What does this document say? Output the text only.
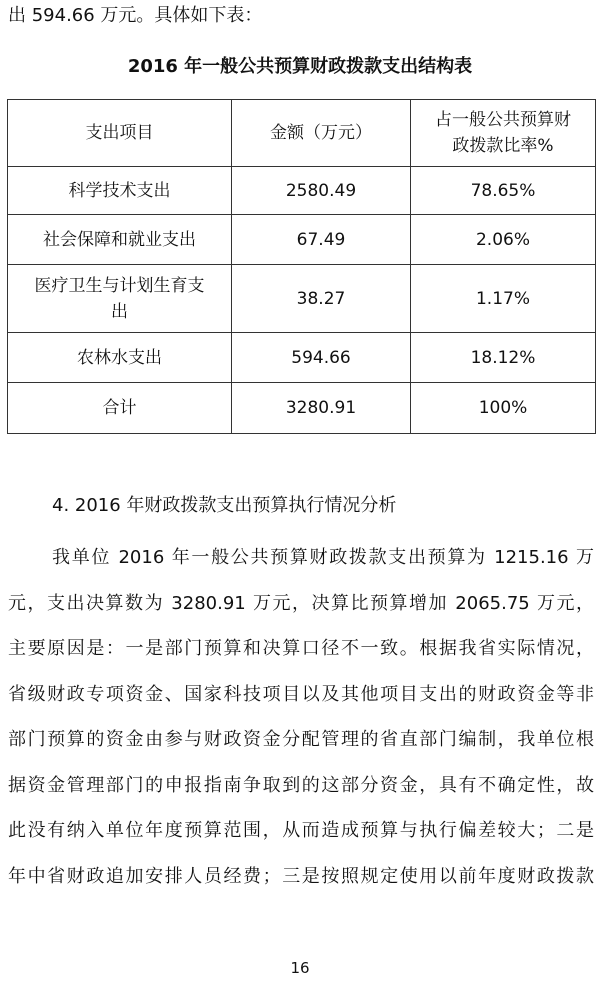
出 594.66 万元。具体如下表：
2016 年一般公共预算财政拨款支出结构表
支出项目	金额（万元）	占一般公共预算财政拨款比率%
科学技术支出	2580.49	78.65%
社会保障和就业支出	67.49	2.06%
医疗卫生与计划生育支出	38.27	1.17%
农林水支出	594.66	18.12%
合计	3280.91	100%
4. 2016 年财政拨款支出预算执行情况分析
我单位 2016 年一般公共预算财政拨款支出预算为 1215.16 万
元，支出决算数为 3280.91 万元，决算比预算增加 2065.75 万元，
主要原因是：一是部门预算和决算口径不一致。根据我省实际情况，
省级财政专项资金、国家科技项目以及其他项目支出的财政资金等非
部门预算的资金由参与财政资金分配管理的省直部门编制，我单位根
据资金管理部门的申报指南争取到的这部分资金，具有不确定性，故
此没有纳入单位年度预算范围，从而造成预算与执行偏差较大；二是
年中省财政追加安排人员经费；三是按照规定使用以前年度财政拨款
16
